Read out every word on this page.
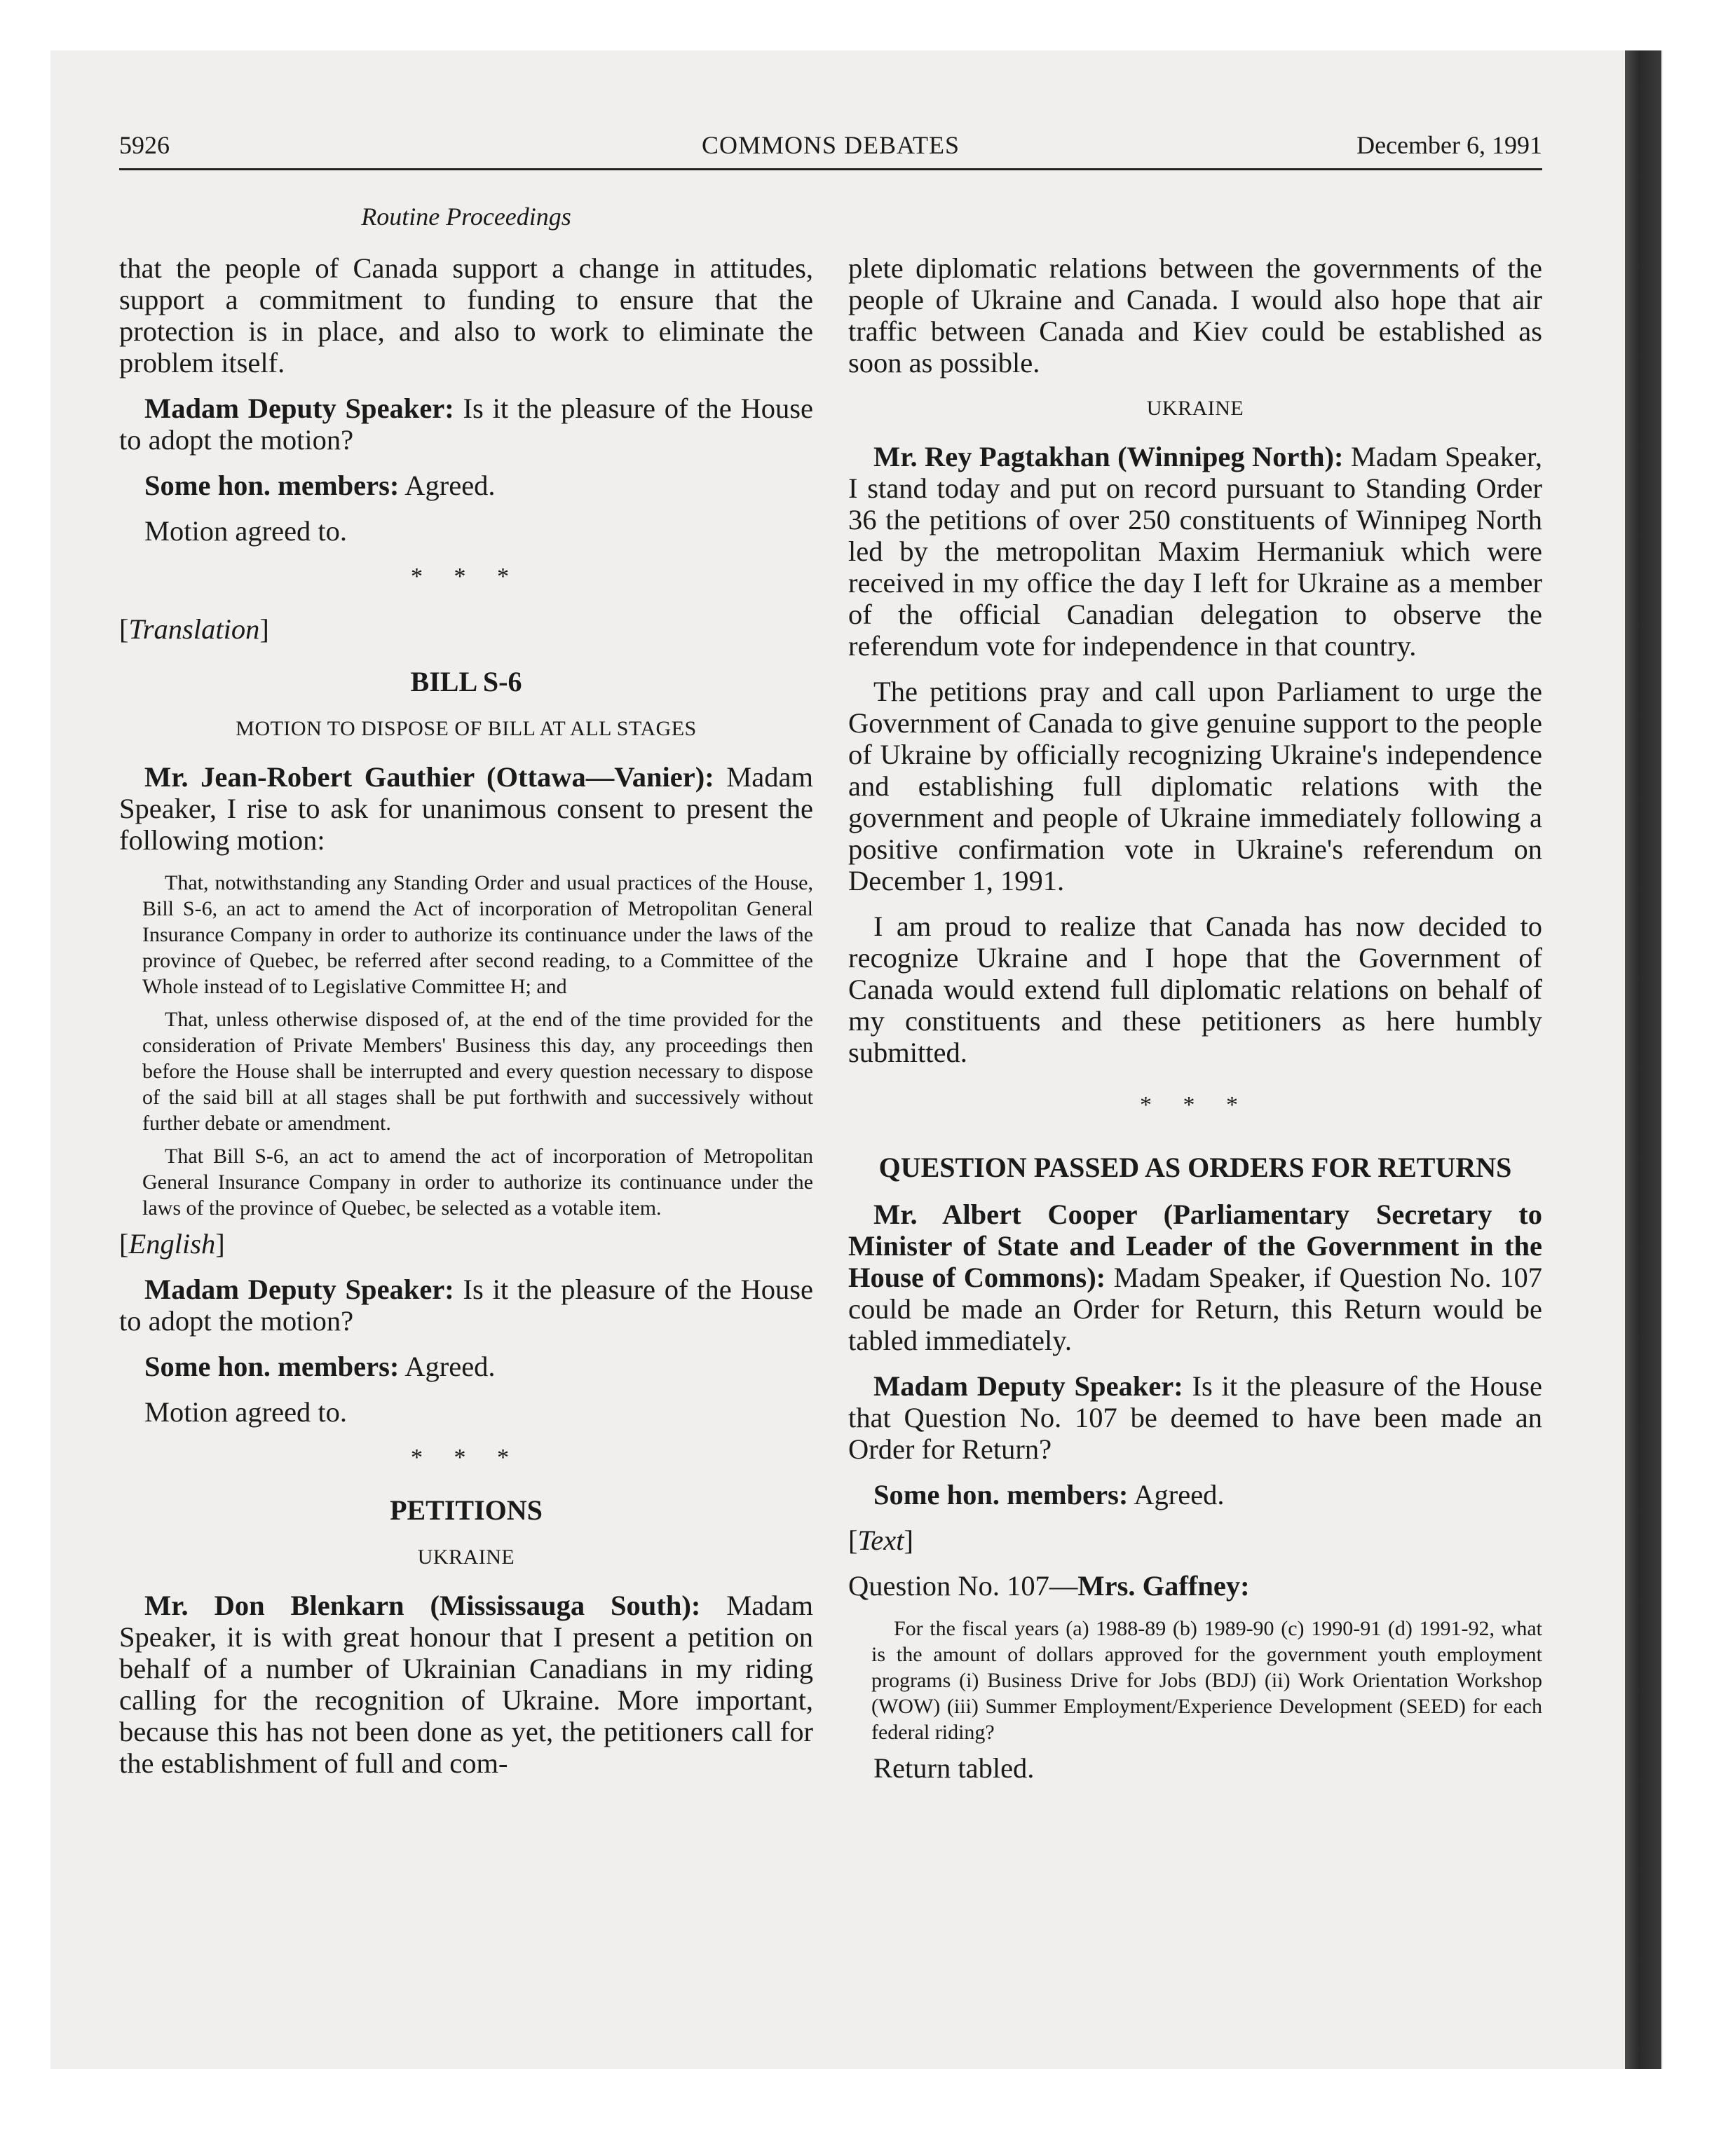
5926	COMMONS DEBATES	December 6, 1991
Routine Proceedings

that the people of Canada support a change in attitudes, support a commitment to funding to ensure that the protection is in place, and also to work to eliminate the problem itself.

Madam Deputy Speaker: Is it the pleasure of the House to adopt the motion?

Some hon. members: Agreed.

Motion agreed to.

* * *

[Translation]

BILL S-6
MOTION TO DISPOSE OF BILL AT ALL STAGES

Mr. Jean-Robert Gauthier (Ottawa—Vanier): Madam Speaker, I rise to ask for unanimous consent to present the following motion:

That, notwithstanding any Standing Order and usual practices of the House, Bill S-6, an act to amend the Act of incorporation of Metropolitan General Insurance Company in order to authorize its continuance under the laws of the province of Quebec, be referred after second reading, to a Committee of the Whole instead of to Legislative Committee H; and

That, unless otherwise disposed of, at the end of the time provided for the consideration of Private Members' Business this day, any proceedings then before the House shall be interrupted and every question necessary to dispose of the said bill at all stages shall be put forthwith and successively without further debate or amendment.

That Bill S-6, an act to amend the act of incorporation of Metropolitan General Insurance Company in order to authorize its continuance under the laws of the province of Quebec, be selected as a votable item.

[English]

Madam Deputy Speaker: Is it the pleasure of the House to adopt the motion?

Some hon. members: Agreed.

Motion agreed to.

* * *
PETITIONS
UKRAINE

Mr. Don Blenkarn (Mississauga South): Madam Speaker, it is with great honour that I present a petition on behalf of a number of Ukrainian Canadians in my riding calling for the recognition of Ukraine. More important, because this has not been done as yet, the petitioners call for the establishment of full and com-

plete diplomatic relations between the governments of the people of Ukraine and Canada. I would also hope that air traffic between Canada and Kiev could be established as soon as possible.

UKRAINE

Mr. Rey Pagtakhan (Winnipeg North): Madam Speaker, I stand today and put on record pursuant to Standing Order 36 the petitions of over 250 constituents of Winnipeg North led by the metropolitan Maxim Hermaniuk which were received in my office the day I left for Ukraine as a member of the official Canadian delegation to observe the referendum vote for independence in that country.

The petitions pray and call upon Parliament to urge the Government of Canada to give genuine support to the people of Ukraine by officially recognizing Ukraine's independence and establishing full diplomatic relations with the government and people of Ukraine immediately following a positive confirmation vote in Ukraine's referendum on December 1, 1991.

I am proud to realize that Canada has now decided to recognize Ukraine and I hope that the Government of Canada would extend full diplomatic relations on behalf of my constituents and these petitioners as here humbly submitted.

* * *
QUESTION PASSED AS ORDERS FOR RETURNS

Mr. Albert Cooper (Parliamentary Secretary to Minister of State and Leader of the Government in the House of Commons): Madam Speaker, if Question No. 107 could be made an Order for Return, this Return would be tabled immediately.

Madam Deputy Speaker: Is it the pleasure of the House that Question No. 107 be deemed to have been made an Order for Return?

Some hon. members: Agreed.

[Text]

Question No. 107—Mrs. Gaffney:

For the fiscal years (a) 1988-89 (b) 1989-90 (c) 1990-91 (d) 1991-92, what is the amount of dollars approved for the government youth employment programs (i) Business Drive for Jobs (BDJ) (ii) Work Orientation Workshop (WOW) (iii) Summer Employment/Experience Development (SEED) for each federal riding?

Return tabled.
